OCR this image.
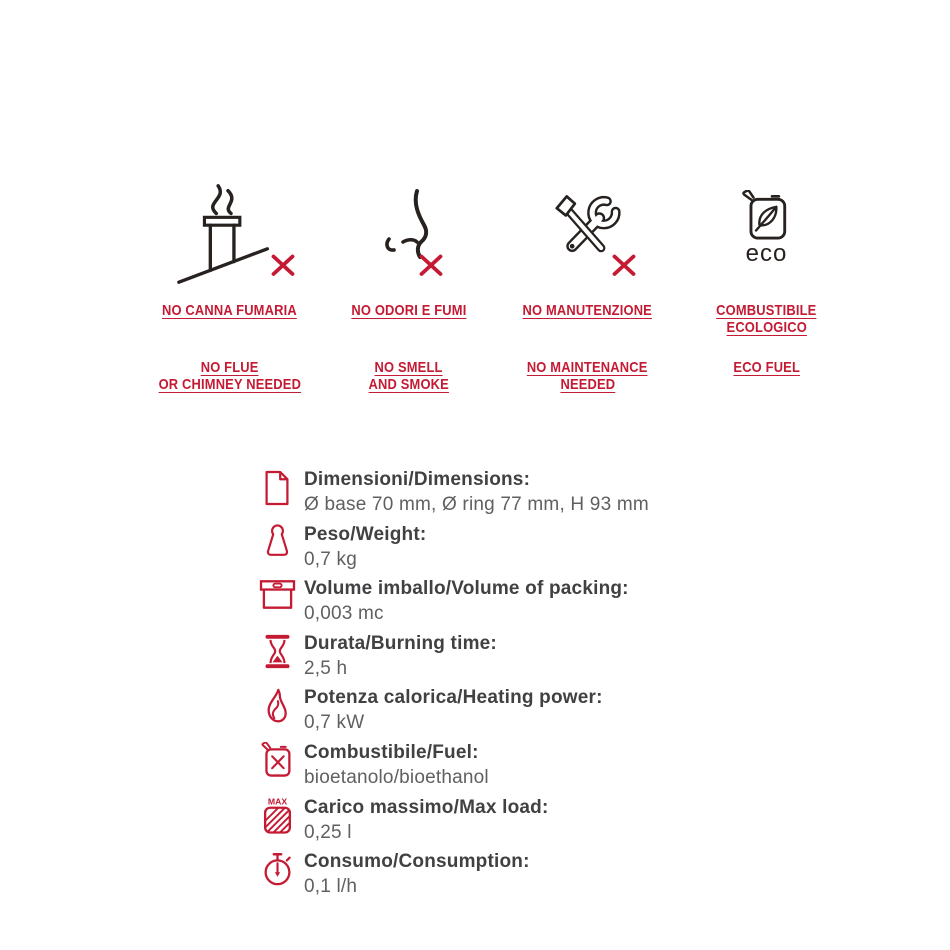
NO CANNA FUMARIA
NO FLUE
OR CHIMNEY NEEDED
NO ODORI E FUMI
NO SMELL
AND SMOKE
NO MANUTENZIONE
NO MAINTENANCE
NEEDED
eco
COMBUSTIBILE
ECOLOGICO
ECO FUEL
Dimensioni/Dimensions:
Ø base 70 mm, Ø ring 77 mm, H 93 mm
Peso/Weight:
0,7 kg
Volume imballo/Volume of packing:
0,003 mc
Durata/Burning time:
2,5 h
Potenza calorica/Heating power:
0,7 kW
Combustibile/Fuel:
bioetanolo/bioethanol
MAX Carico massimo/Max load:
0,25 l
Consumo/Consumption:
0,1 l/h
